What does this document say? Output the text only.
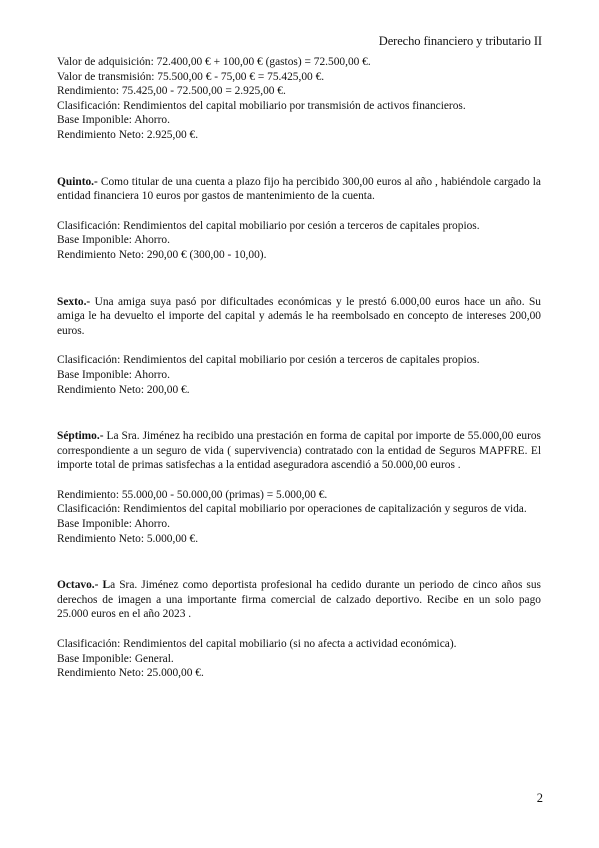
Derecho financiero y tributario II
Valor de adquisición: 72.400,00 € + 100,00 € (gastos) = 72.500,00 €.
Valor de transmisión: 75.500,00 € - 75,00 € = 75.425,00 €.
Rendimiento: 75.425,00 - 72.500,00 = 2.925,00 €.
Clasificación: Rendimientos del capital mobiliario por transmisión de activos financieros.
Base Imponible: Ahorro.
Rendimiento Neto: 2.925,00 €.

Quinto.- Como titular de una cuenta a plazo fijo ha percibido 300,00 euros al año , habiéndole cargado la entidad financiera 10 euros por gastos de mantenimiento de la cuenta.

Clasificación: Rendimientos del capital mobiliario por cesión a terceros de capitales propios.
Base Imponible: Ahorro.
Rendimiento Neto: 290,00 € (300,00 - 10,00).

Sexto.- Una amiga suya pasó por dificultades económicas y le prestó 6.000,00 euros hace un año. Su amiga le ha devuelto el importe del capital y además le ha reembolsado en concepto de intereses 200,00 euros.

Clasificación: Rendimientos del capital mobiliario por cesión a terceros de capitales propios.
Base Imponible: Ahorro.
Rendimiento Neto: 200,00 €.

Séptimo.- La Sra. Jiménez ha recibido una prestación en forma de capital por importe de 55.000,00 euros correspondiente a un seguro de vida ( supervivencia) contratado con la entidad de Seguros MAPFRE. El importe total de primas satisfechas a la entidad aseguradora ascendió a 50.000,00 euros .

Rendimiento: 55.000,00 - 50.000,00 (primas) = 5.000,00 €.
Clasificación: Rendimientos del capital mobiliario por operaciones de capitalización y seguros de vida.
Base Imponible: Ahorro.
Rendimiento Neto: 5.000,00 €.

Octavo.- La Sra. Jiménez como deportista profesional ha cedido durante un periodo de cinco años sus derechos de imagen a una importante firma comercial de calzado deportivo. Recibe en un solo pago 25.000 euros en el año 2023 .

Clasificación: Rendimientos del capital mobiliario (si no afecta a actividad económica).
Base Imponible: General.
Rendimiento Neto: 25.000,00 €.
2
